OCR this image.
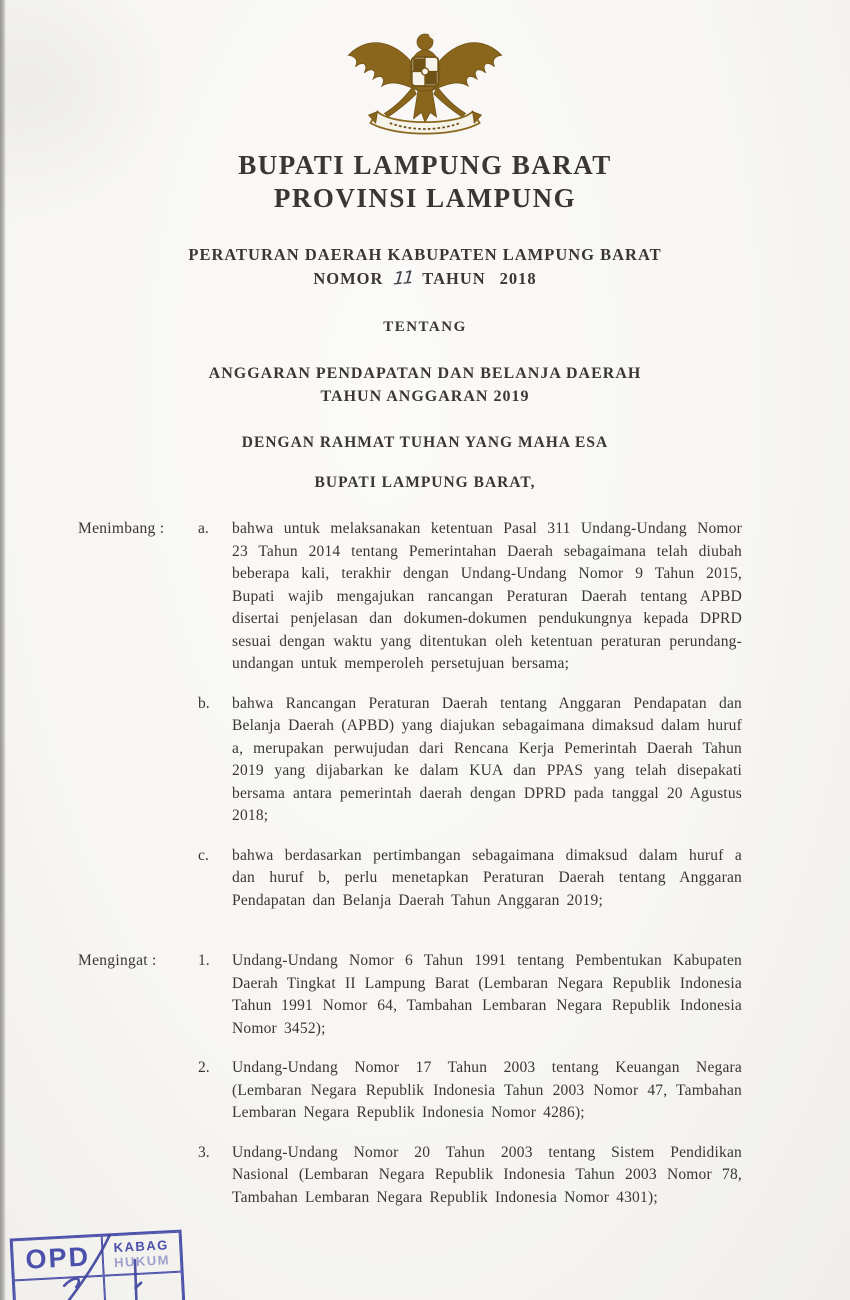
BUPATI LAMPUNG BARAT
PROVINSI LAMPUNG
PERATURAN DAERAH KABUPATEN LAMPUNG BARAT
NOMOR 11 TAHUN 2018
TENTANG
ANGGARAN PENDAPATAN DAN BELANJA DAERAH
TAHUN ANGGARAN 2019
DENGAN RAHMAT TUHAN YANG MAHA ESA
BUPATI LAMPUNG BARAT,
Menimbang :	a.	bahwa untuk melaksanakan ketentuan Pasal 311 Undang-Undang Nomor 23 Tahun 2014 tentang Pemerintahan Daerah sebagaimana telah diubah beberapa kali, terakhir dengan Undang-Undang Nomor 9 Tahun 2015, Bupati wajib mengajukan rancangan Peraturan Daerah tentang APBD disertai penjelasan dan dokumen-dokumen pendukungnya kepada DPRD sesuai dengan waktu yang ditentukan oleh ketentuan peraturan perundang-undangan untuk memperoleh persetujuan bersama;

b.	bahwa Rancangan Peraturan Daerah tentang Anggaran Pendapatan dan Belanja Daerah (APBD) yang diajukan sebagaimana dimaksud dalam huruf a, merupakan perwujudan dari Rencana Kerja Pemerintah Daerah Tahun 2019 yang dijabarkan ke dalam KUA dan PPAS yang telah disepakati bersama antara pemerintah daerah dengan DPRD pada tanggal 20 Agustus 2018;

c.	bahwa berdasarkan pertimbangan sebagaimana dimaksud dalam huruf a dan huruf b, perlu menetapkan Peraturan Daerah tentang Anggaran Pendapatan dan Belanja Daerah Tahun Anggaran 2019;

Mengingat :	1.	Undang-Undang Nomor 6 Tahun 1991 tentang Pembentukan Kabupaten Daerah Tingkat II Lampung Barat (Lembaran Negara Republik Indonesia Tahun 1991 Nomor 64, Tambahan Lembaran Negara Republik Indonesia Nomor 3452);

2.	Undang-Undang Nomor 17 Tahun 2003 tentang Keuangan Negara (Lembaran Negara Republik Indonesia Tahun 2003 Nomor 47, Tambahan Lembaran Negara Republik Indonesia Nomor 4286);

3.	Undang-Undang Nomor 20 Tahun 2003 tentang Sistem Pendidikan Nasional (Lembaran Negara Republik Indonesia Tahun 2003 Nomor 78, Tambahan Lembaran Negara Republik Indonesia Nomor 4301);

OPD KABAG
HUKUM
